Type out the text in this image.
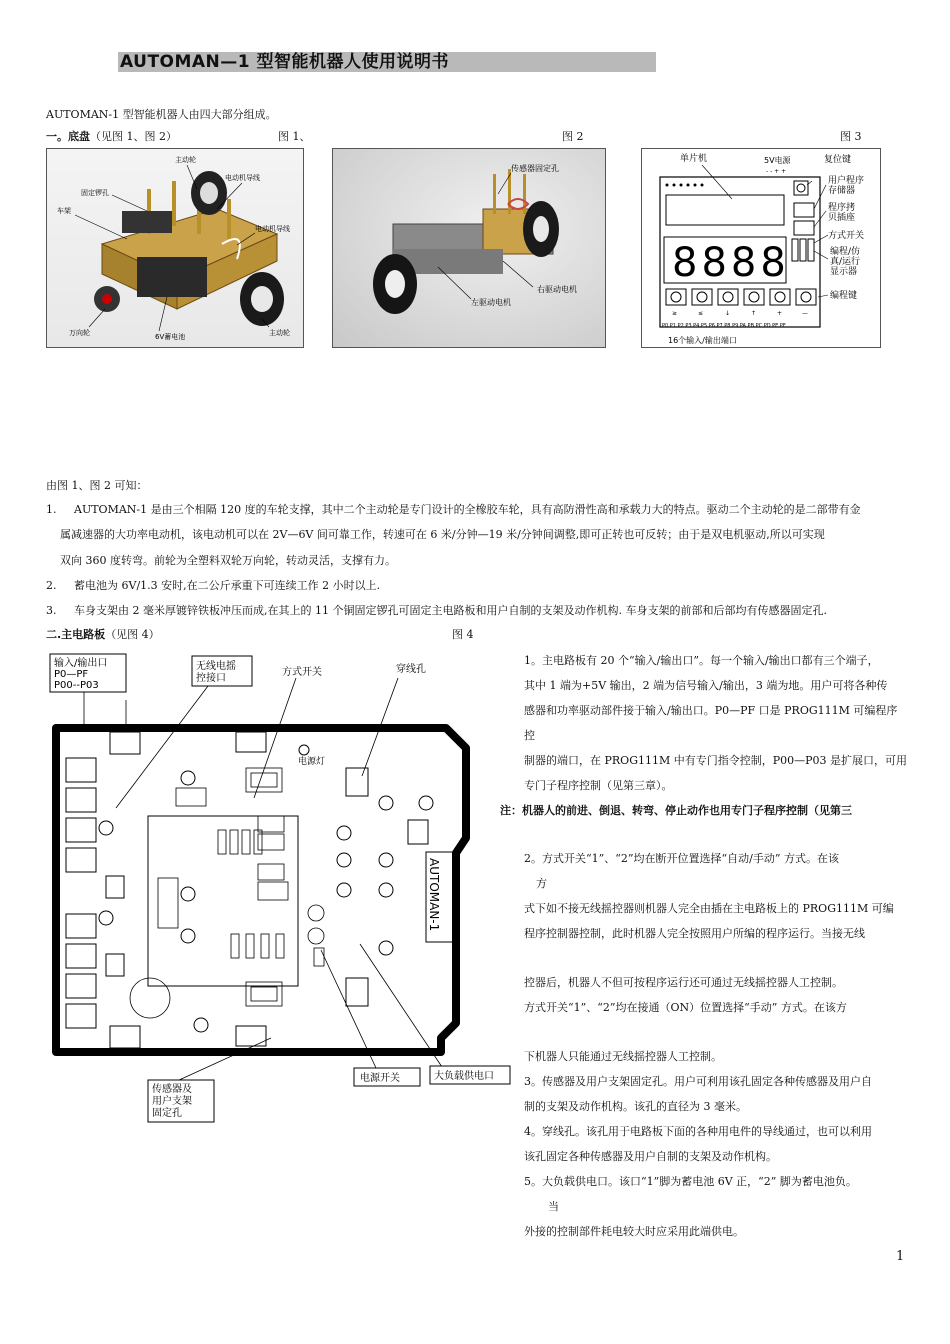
AUTOMAN—1 型智能机器人使用说明书
AUTOMAN-1 型智能机器人由四大部分组成。
一。底盘（见图 1、图 2）	图 1、	图 2	图 3
主动轮
电动机导线
固定锣孔
车架
电动机导线
万向轮	6V蓄电池	主动轮
传感器固定孔
右驱动电机
左驱动电机
8888
≥	≤	↓	↑	+	—
P0 P1 P2 P3 P4 P5 P6 P7 P8 P9 PA PB PC PD PE PF
单片机	5V电源
- - + +
复位键
用户程序
存储器
程序拷
贝插座
方式开关
编程/仿
真/运行
显示器
编程键
16个输入/输出端口
由图 1、图 2 可知：
1. AUTOMAN-1 是由三个相隔 120 度的车轮支撑，其中二个主动轮是专门设计的全橡胶车轮，具有高防滑性高和承载力大的特点。驱动二个主动轮的是二部带有金
属减速器的大功率电动机，该电动机可以在 2V—6V 间可靠工作，转速可在 6 米/分钟—19 米/分钟间调整,即可正转也可反转；由于是双电机驱动,所以可实现
双向 360 度转弯。前轮为全塑料双轮万向轮，转动灵活，支撑有力。
2. 蓄电池为 6V/1.3 安时,在二公斤承重下可连续工作 2 小时以上.
3. 车身支架由 2 毫米厚镀锌铁板冲压而成,在其上的 11 个铜固定锣孔可固定主电路板和用户自制的支架及动作机构. 车身支架的前部和后部均有传感器固定孔.
二.主电路板（见图 4）	图 4
输入/输出口
P0—PF
P00--P03
无线电摇
控接口
方式开关	穿线孔
AUTOMAN-1
电源灯
传感器及
用户支架
固定孔
电源开关	大负载供电口
1。主电路板有 20 个“输入/输出口”。每一个输入/输出口都有三个端子，
其中 1 端为+5V 输出，2 端为信号输入/输出，3 端为地。用户可将各种传
感器和功率驱动部件接于输入/输出口。P0—PF 口是 PROG111M 可编程序
控
制器的端口，在 PROG111M 中有专门指令控制，P00—P03 是扩展口，可用
专门子程序控制（见第三章）。
注：机器人的前进、倒退、转弯、停止动作也用专门子程序控制（见第三
2。方式开关“1”、“2”均在断开位置选择“自动/手动” 方式。在该
方
式下如不接无线摇控器则机器人完全由插在主电路板上的 PROG111M 可编
程序控制器控制，此时机器人完全按照用户所编的程序运行。当接无线
控器后，机器人不但可按程序运行还可通过无线摇控器人工控制。
方式开关“1”、“2”均在接通（ON）位置选择“手动” 方式。在该方
下机器人只能通过无线摇控器人工控制。
3。传感器及用户支架固定孔。用户可利用该孔固定各种传感器及用户自
制的支架及动作机构。该孔的直径为 3 毫米。
4。穿线孔。该孔用于电路板下面的各种用电件的导线通过，也可以利用
该孔固定各种传感器及用户自制的支架及动作机构。
5。大负载供电口。该口“1”脚为蓄电池 6V 正，“2” 脚为蓄电池负。
当
外接的控制部件耗电较大时应采用此端供电。
1
